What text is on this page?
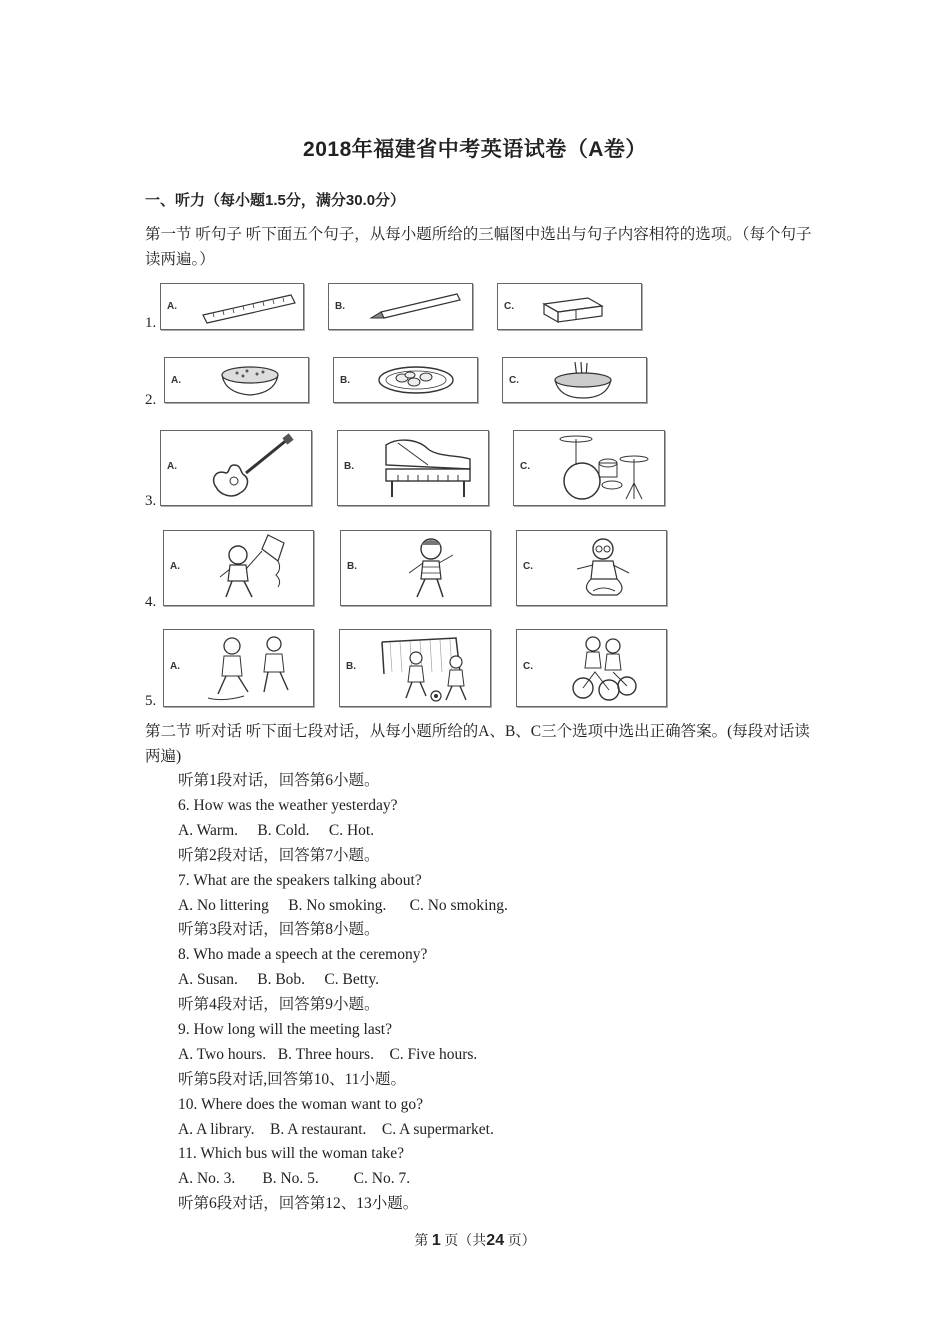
2018年福建省中考英语试卷（A卷）
一、听力（每小题1.5分，满分30.0分）
第一节 听句子 听下面五个句子，从每小题所给的三幅图中选出与句子内容相符的选项。（每个句子读两遍。）
1.
A.	B.	C.
2.
A.	B.	C.
3.
A.	B.	C.
4.
A.	B.	C.
5.
A.	B.	C.
第二节 听对话 听下面七段对话，从每小题所给的A、B、C三个选项中选出正确答案。(每段对话读两遍)
听第1段对话，回答第6小题。
6. How was the weather yesterday?
A. Warm.     B. Cold.     C. Hot.
听第2段对话，回答第7小题。
7. What are the speakers talking about?
A. No littering     B. No smoking.      C. No smoking.
听第3段对话，回答第8小题。
8. Who made a speech at the ceremony?
A. Susan.     B. Bob.     C. Betty.
听第4段对话，回答第9小题。
9. How long will the meeting last?
A. Two hours.   B. Three hours.    C. Five hours.
听第5段对话,回答第10、11小题。
10. Where does the woman want to go?
A. A library.    B. A restaurant.    C. A supermarket.
11. Which bus will the woman take?
A. No. 3.       B. No. 5.         C. No. 7.
听第6段对话，回答第12、13小题。
第 1 页（共24 页）
